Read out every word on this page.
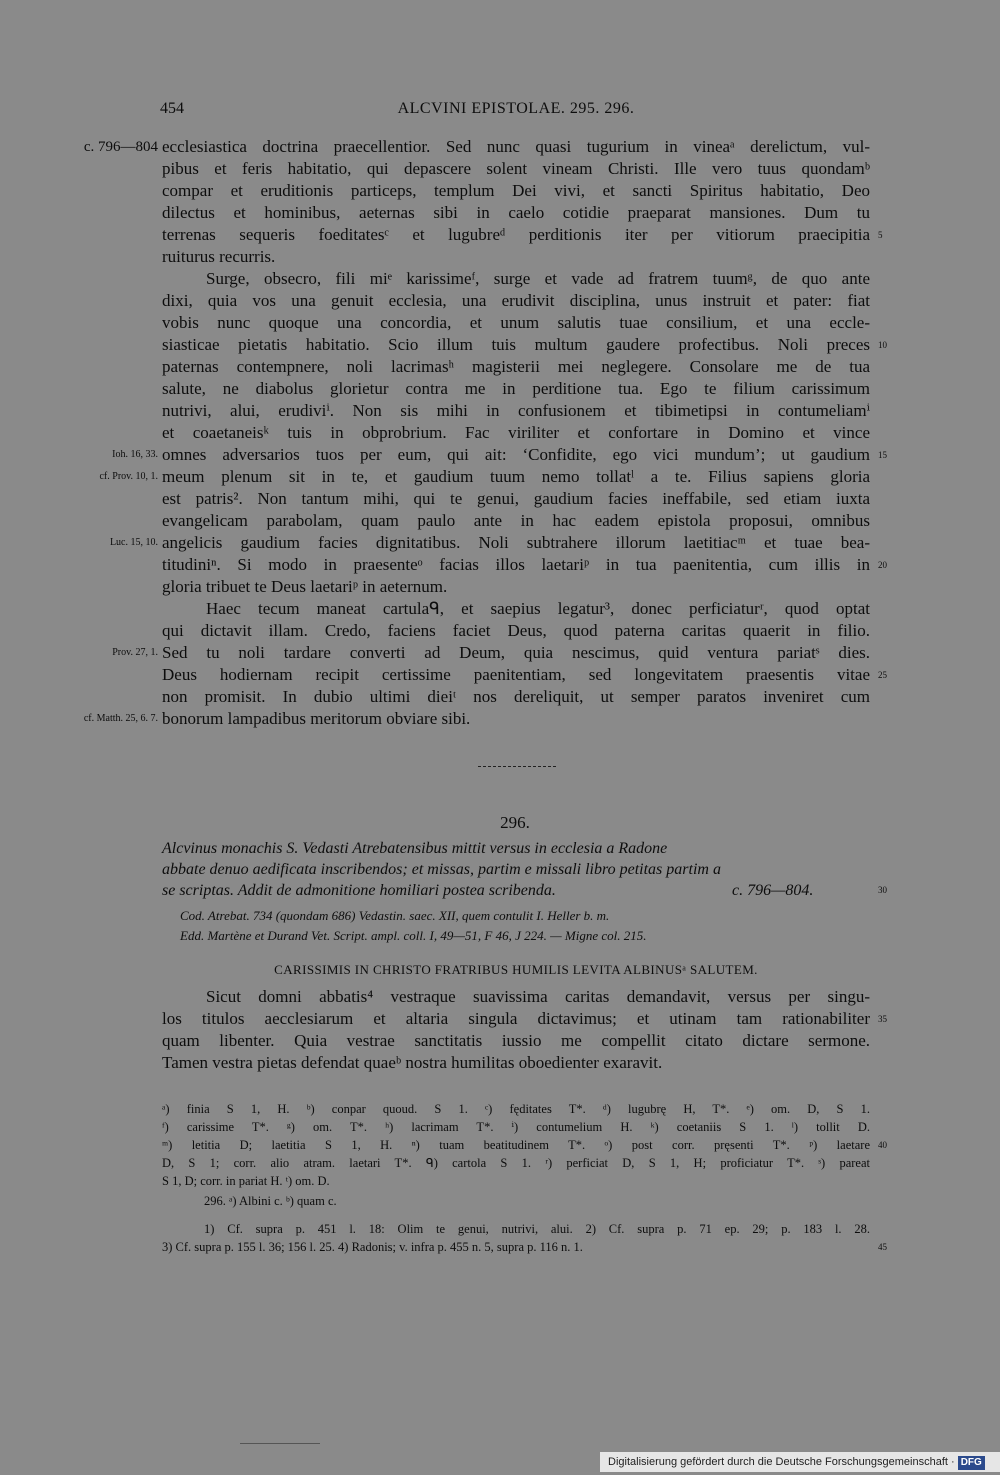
454	ALCVINI EPISTOLAE. 295. 296.
ecclesiastica doctrina praecellentior. Sed nunc quasi tugurium in vineaᵃ derelictum, vul-
pibus et feris habitatio, qui depascere solent vineam Christi. Ille vero tuus quondamᵇ
compar et eruditionis particeps, templum Dei vivi, et sancti Spiritus habitatio, Deo
dilectus et hominibus, aeternas sibi in caelo cotidie praeparat mansiones. Dum tu
terrenas sequeris foeditatesᶜ et lugubreᵈ perditionis iter per vitiorum praecipitia
ruiturus recurris.
Surge, obsecro, fili miᵉ karissimeᶠ, surge et vade ad fratrem tuumᵍ, de quo ante
dixi, quia vos una genuit ecclesia, una erudivit disciplina, unus instruit et pater: fiat
vobis nunc quoque una concordia, et unum salutis tuae consilium, et una eccle-
siasticae pietatis habitatio. Scio illum tuis multum gaudere profectibus. Noli preces
paternas contempnere, noli lacrimasʰ magisterii mei neglegere. Consolare me de tua
salute, ne diabolus glorietur contra me in perditione tua. Ego te filium carissimum
nutrivi, alui, erudiviⁱ. Non sis mihi in confusionem et tibimetipsi in contumeliamⁱ
et coaetaneisᵏ tuis in obprobrium. Fac viriliter et confortare in Domino et vince
omnes adversarios tuos per eum, qui ait: ‘Confidite, ego vici mundum’; ut gaudium
meum plenum sit in te, et gaudium tuum nemo tollatˡ a te. Filius sapiens gloria
est patris². Non tantum mihi, qui te genui, gaudium facies ineffabile, sed etiam iuxta
evangelicam parabolam, quam paulo ante in hac eadem epistola proposui, omnibus
angelicis gaudium facies dignitatibus. Noli subtrahere illorum laetitiacᵐ et tuae bea-
titudiniⁿ. Si modo in praesenteᵒ facias illos laetariᵖ in tua paenitentia, cum illis in
gloria tribuet te Deus laetariᵖ in aeternum.
Haec tecum maneat cartulaᑫ, et saepius legatur³, donec perficiaturʳ, quod optat
qui dictavit illam. Credo, faciens faciet Deus, quod paterna caritas quaerit in filio.
Sed tu noli tardare converti ad Deum, quia nescimus, quid ventura pariatˢ dies.
Deus hodiernam recipit certissime paenitentiam, sed longevitatem praesentis vitae
non promisit. In dubio ultimi dieiᵗ nos dereliquit, ut semper paratos inveniret cum
bonorum lampadibus meritorum obviare sibi.
c. 796—804
Ioh. 16, 33.
cf. Prov. 10, 1.
Luc. 15, 10.
Prov. 27, 1.
cf. Matth. 25, 6. 7.
5
10
15
20
25
296.
Alcvinus monachis S. Vedasti Atrebatensibus mittit versus in ecclesia a Radone
abbate denuo aedificata inscribendos; et missas, partim e missali libro petitas partim a
se scriptas. Addit de admonitione homiliari postea scribenda.	c. 796—804.	30
Cod. Atrebat. 734 (quondam 686) Vedastin. saec. XII, quem contulit I. Heller b. m.
Edd. Martène et Durand Vet. Script. ampl. coll. I, 49—51, F 46, J 224. — Migne col. 215.
CARISSIMIS IN CHRISTO FRATRIBUS HUMILIS LEVITA ALBINUSᵃ SALUTEM.
Sicut domni abbatis⁴ vestraque suavissima caritas demandavit, versus per singu-
los titulos aecclesiarum et altaria singula dictavimus; et utinam tam rationabiliter
quam libenter. Quia vestrae sanctitatis iussio me compellit citato dictare sermone.
Tamen vestra pietas defendat quaeᵇ nostra humilitas oboedienter exaravit.
35
ᵃ) finia S 1, H. ᵇ) conpar quoud. S 1. ᶜ) fęditates T*. ᵈ) lugubrę H, T*. ᵉ) om. D, S 1.
ᶠ) carissime T*. ᵍ) om. T*. ʰ) lacrimam T*. ⁱ) contumelium H. ᵏ) coetaniis S 1. ˡ) tollit D.
ᵐ) letitia D; laetitia S 1, H. ⁿ) tuam beatitudinem T*. ᵒ) post corr. pręsenti T*. ᵖ) laetare
D, S 1; corr. alio atram. laetari T*. ᑫ) cartola S 1. ʳ) perficiat D, S 1, H; proficiatur T*. ˢ) pareat
S 1, D; corr. in pariat H. ᵗ) om. D.
296. ᵃ) Albini c. ᵇ) quam c.
40
1) Cf. supra p. 451 l. 18: Olim te genui, nutrivi, alui. 2) Cf. supra p. 71 ep. 29; p. 183 l. 28.
3) Cf. supra p. 155 l. 36; 156 l. 25. 4) Radonis; v. infra p. 455 n. 5, supra p. 116 n. 1.	45
Digitalisierung gefördert durch die Deutsche Forschungsgemeinschaft · DFG
